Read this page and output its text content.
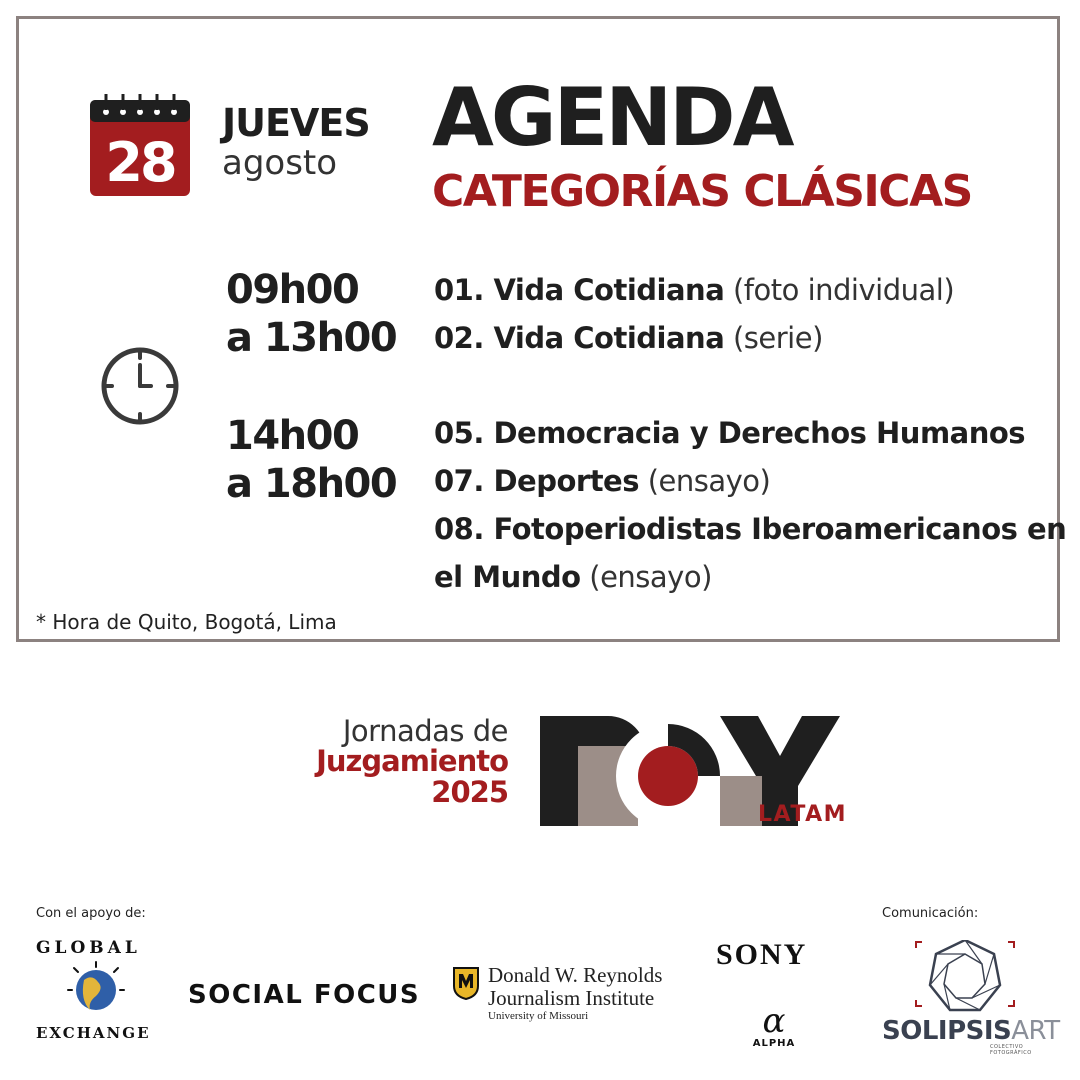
28
JUEVES
agosto	AGENDA
CATEGORÍAS CLÁSICAS
09h00
a 13h00
01. Vida Cotidiana (foto individual)
02. Vida Cotidiana (serie)
14h00
a 18h00
05. Democracia y Derechos Humanos
07. Deportes (ensayo)
08. Fotoperiodistas Iberoamericanos en
el Mundo (ensayo)
* Hora de Quito, Bogotá, Lima
Jornadas de
Juzgamiento
2025
LATAM
Con el apoyo de:	Comunicación:
GLOBAL
EXCHANGE
SOCIAL FOCUS
Donald W. Reynolds
Journalism Institute
University of Missouri
SONY
α
ALPHA	SOLIPSISART
COLECTIVO FOTOGRÁFICO
